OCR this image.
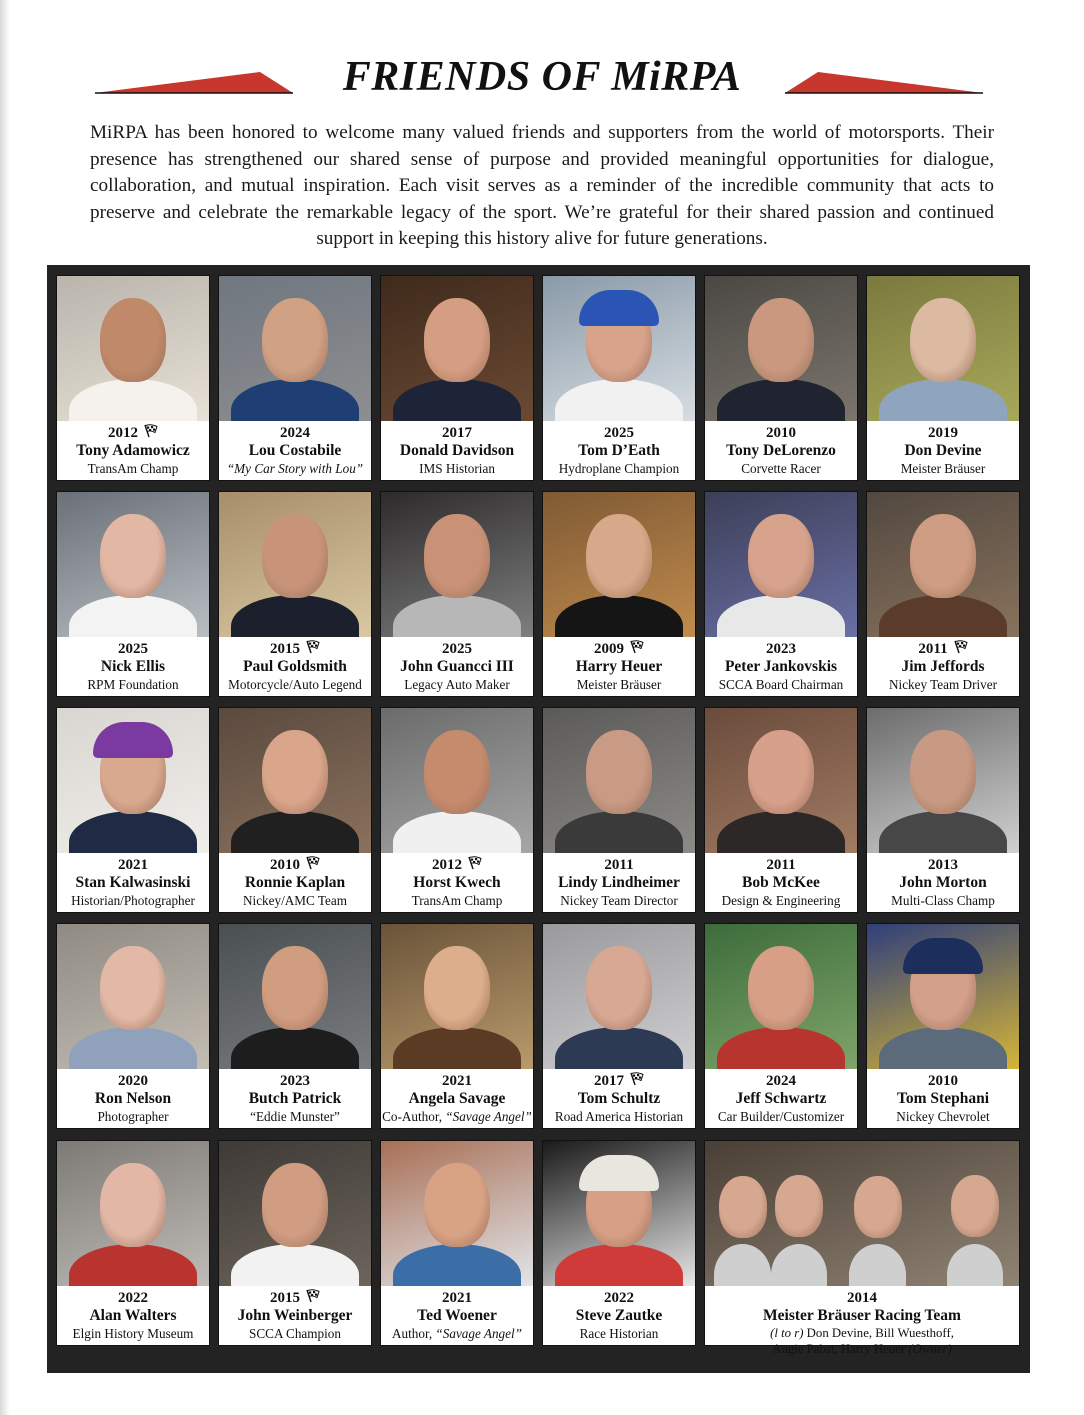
FRIENDS OF MiRPA
MiRPA has been honored to welcome many valued friends and supporters from the world of motorsports. Their presence has strengthened our shared sense of purpose and provided meaningful opportunities for dialogue, collaboration, and mutual inspiration. Each visit serves as a reminder of the incredible community that acts to preserve and celebrate the remarkable legacy of the sport. We’re grateful for their shared passion and continued support in keeping this history alive for future generations.
2012
Tony Adamowicz
TransAm Champ
2024
Lou Costabile
“My Car Story with Lou”
2017
Donald Davidson
IMS Historian
2025
Tom D’Eath
Hydroplane Champion
2010
Tony DeLorenzo
Corvette Racer
2019
Don Devine
Meister Bräuser
2025
Nick Ellis
RPM Foundation
2015
Paul Goldsmith
Motorcycle/Auto Legend
2025
John Guancci III
Legacy Auto Maker
2009
Harry Heuer
Meister Bräuser
2023
Peter Jankovskis
SCCA Board Chairman
2011
Jim Jeffords
Nickey Team Driver
2021
Stan Kalwasinski
Historian/Photographer
2010
Ronnie Kaplan
Nickey/AMC Team
2012
Horst Kwech
TransAm Champ
2011
Lindy Lindheimer
Nickey Team Director
2011
Bob McKee
Design & Engineering
2013
John Morton
Multi-Class Champ
2020
Ron Nelson
Photographer
2023
Butch Patrick
“Eddie Munster”
2021
Angela Savage
Co-Author, “Savage Angel”
2017
Tom Schultz
Road America Historian
2024
Jeff Schwartz
Car Builder/Customizer
2010
Tom Stephani
Nickey Chevrolet
2022
Alan Walters
Elgin History Museum
2015
John Weinberger
SCCA Champion
2021
Ted Woener
Author, “Savage Angel”
2022
Steve Zautke
Race Historian
2014
Meister Bräuser Racing Team
(l to r) Don Devine, Bill Wuesthoff,
Augie Pabst, Harry Heuer (Owner)
